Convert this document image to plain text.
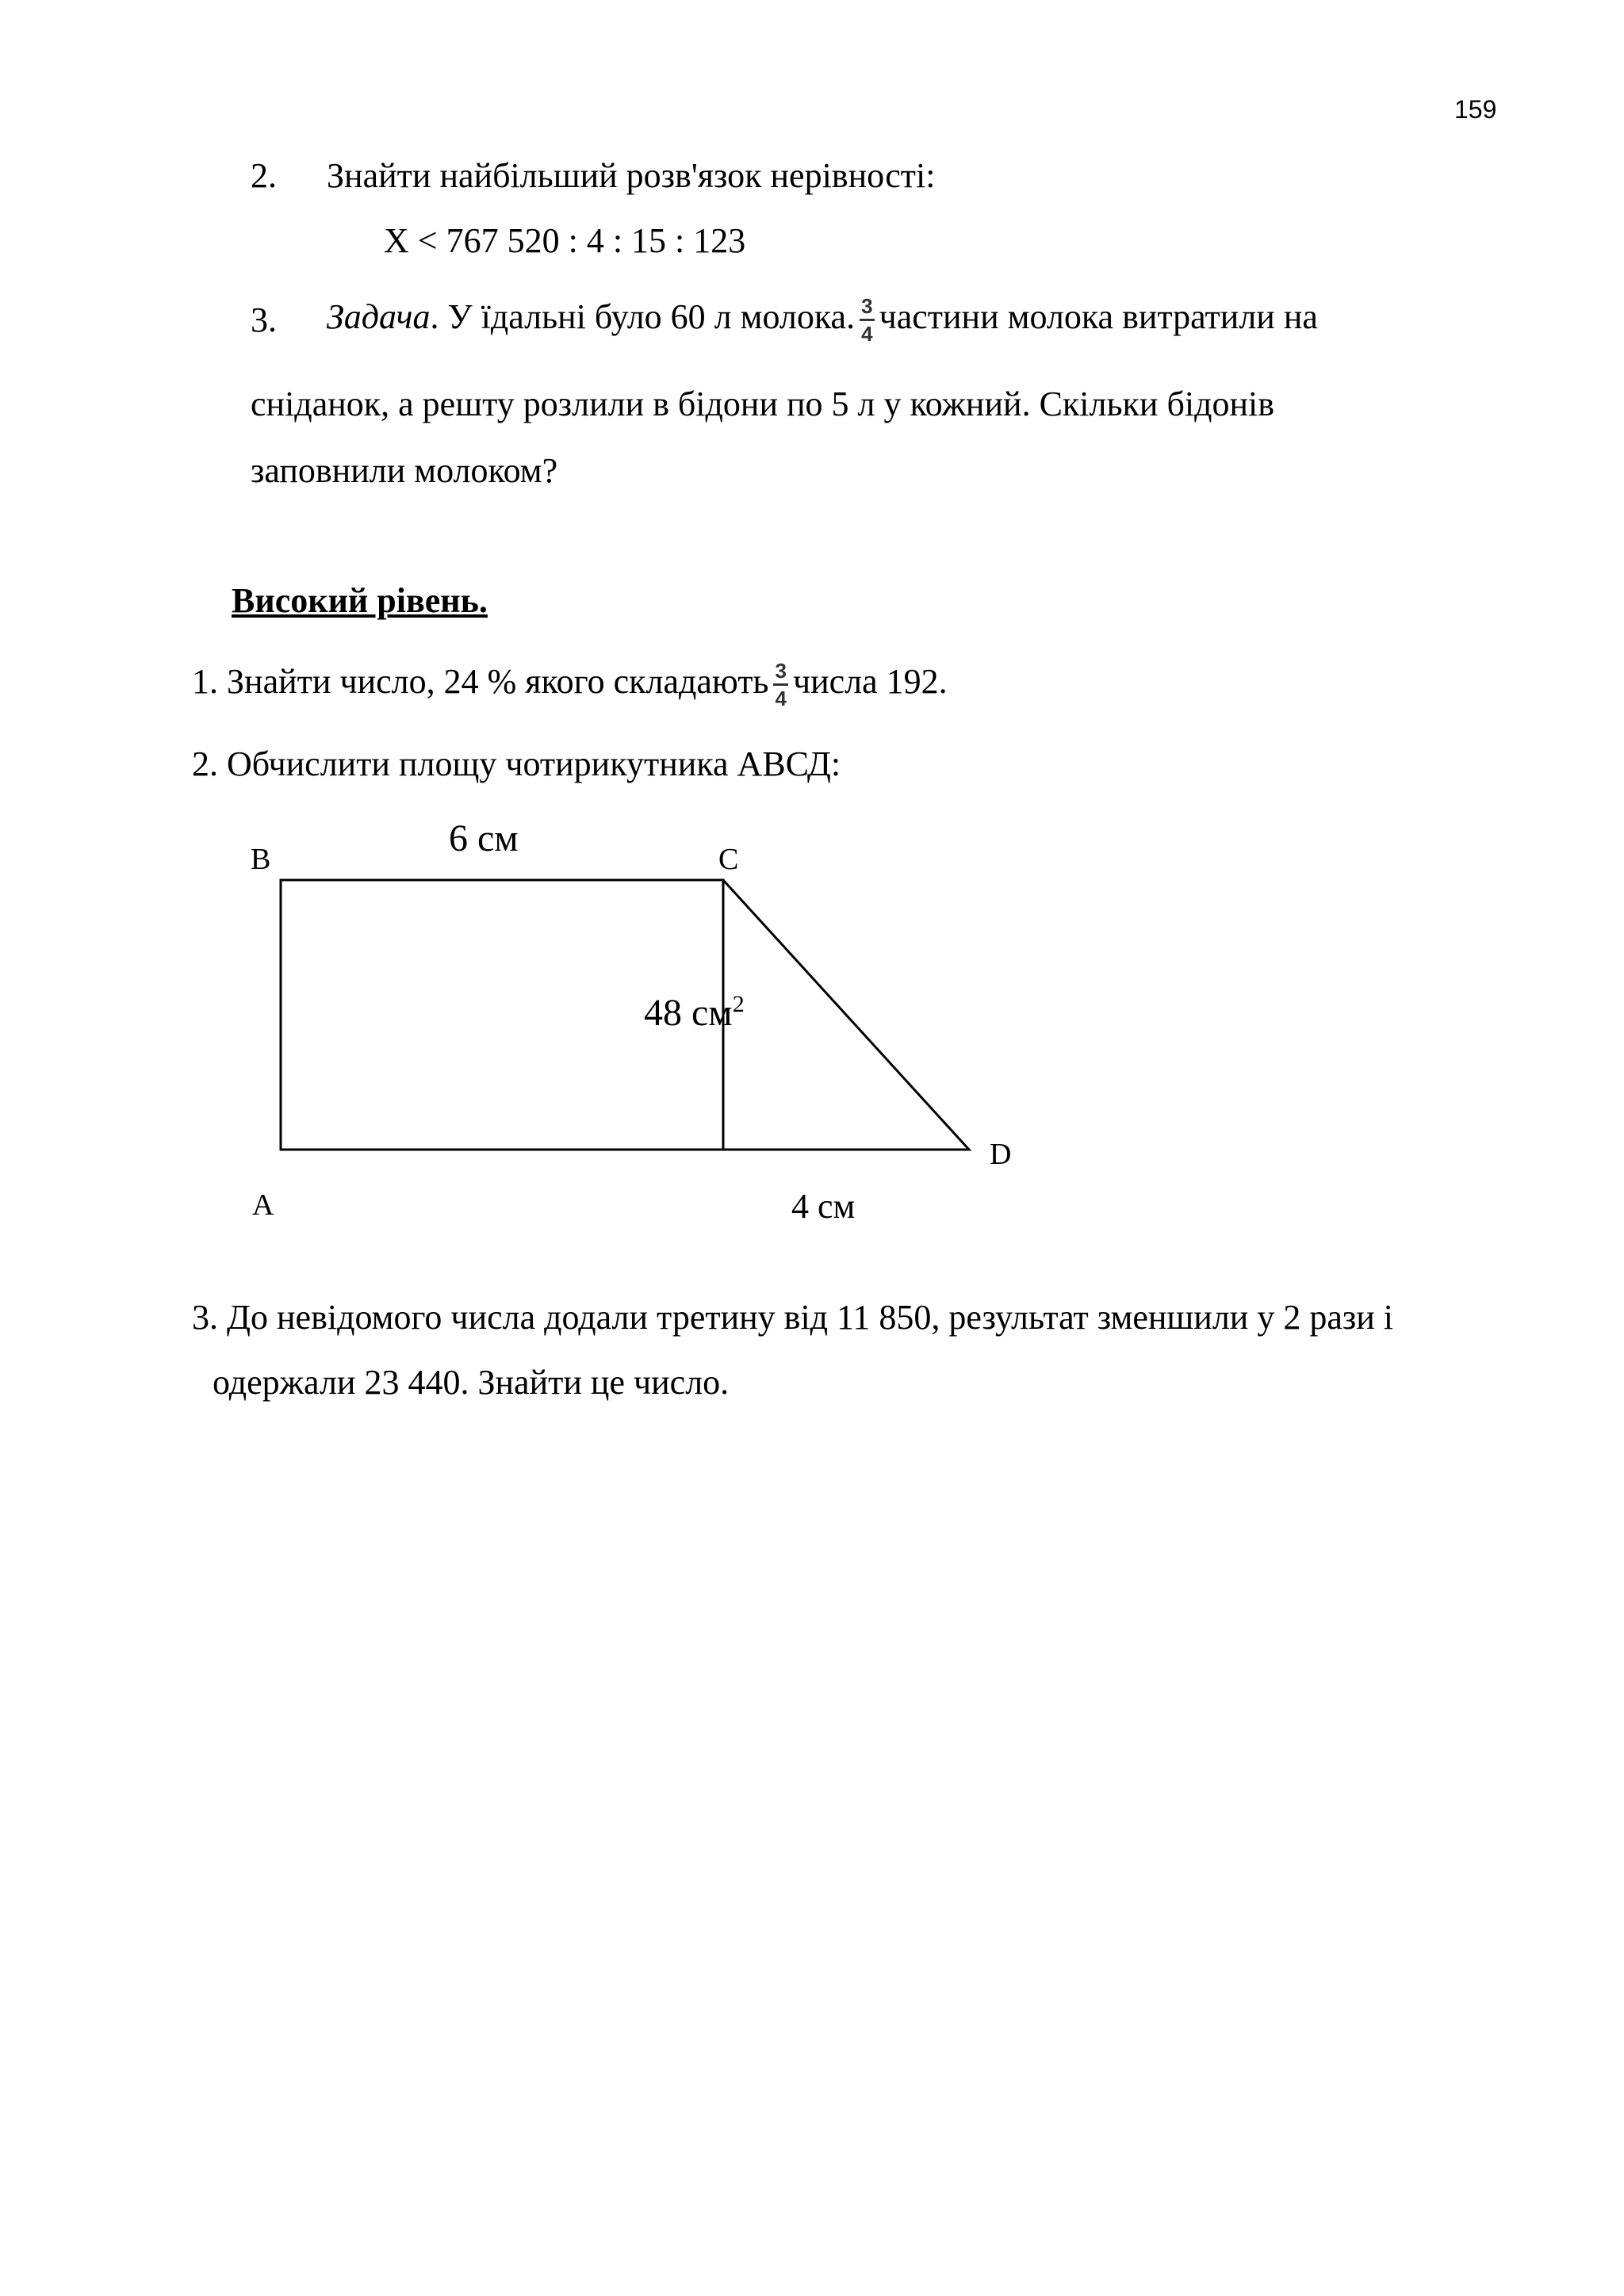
159
2. Знайти найбільший розв'язок нерівності:
Х < 767 520 : 4 : 15 : 123
3. Задача. У їдальні було 60 л молока. $\frac{3}{4}$ частини молока витратили на
сніданок, а решту розлили в бідони по 5 л у кожний. Скільки бідонів
заповнили молоком?
Високий рівень.
1. Знайти число, 24 % якого складають $\frac{3}{4}$ числа 192.
2. Обчислити площу чотирикутника АВСД:
В	С
А
D
6 см
48 $см^2$
4 см
3. До невідомого числа додали третину від 11 850, результат зменшили у 2 рази і
одержали 23 440. Знайти це число.
